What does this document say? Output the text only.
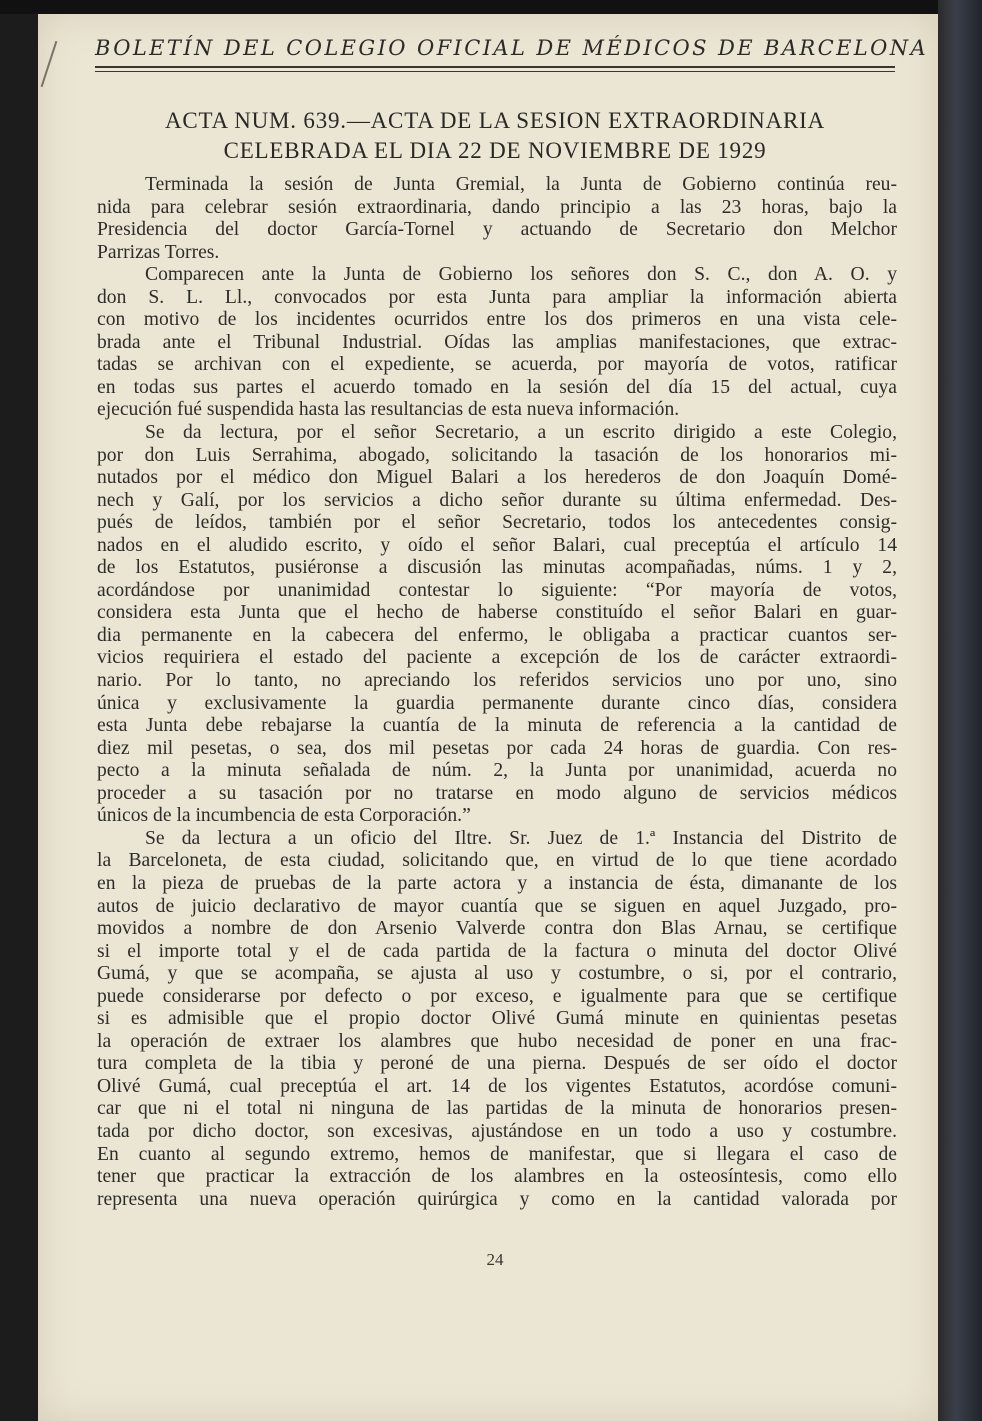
BOLETÍN DEL COLEGIO OFICIAL DE MÉDICOS DE BARCELONA
ACTA NUM. 639.—ACTA DE LA SESION EXTRAORDINARIA
CELEBRADA EL DIA 22 DE NOVIEMBRE DE 1929

Terminada la sesión de Junta Gremial, la Junta de Gobierno continúa reu-
nida para celebrar sesión extraordinaria, dando principio a las 23 horas, bajo la
Presidencia del doctor García-Tornel y actuando de Secretario don Melchor
Parrizas Torres.

Comparecen ante la Junta de Gobierno los señores don S. C., don A. O. y
don S. L. Ll., convocados por esta Junta para ampliar la información abierta
con motivo de los incidentes ocurridos entre los dos primeros en una vista cele-
brada ante el Tribunal Industrial. Oídas las amplias manifestaciones, que extrac-
tadas se archivan con el expediente, se acuerda, por mayoría de votos, ratificar
en todas sus partes el acuerdo tomado en la sesión del día 15 del actual, cuya
ejecución fué suspendida hasta las resultancias de esta nueva información.

Se da lectura, por el señor Secretario, a un escrito dirigido a este Colegio,
por don Luis Serrahima, abogado, solicitando la tasación de los honorarios mi-
nutados por el médico don Miguel Balari a los herederos de don Joaquín Domé-
nech y Galí, por los servicios a dicho señor durante su última enfermedad. Des-
pués de leídos, también por el señor Secretario, todos los antecedentes consig-
nados en el aludido escrito, y oído el señor Balari, cual preceptúa el artículo 14
de los Estatutos, pusiéronse a discusión las minutas acompañadas, núms. 1 y 2,
acordándose por unanimidad contestar lo siguiente: “Por mayoría de votos,
considera esta Junta que el hecho de haberse constituído el señor Balari en guar-
dia permanente en la cabecera del enfermo, le obligaba a practicar cuantos ser-
vicios requiriera el estado del paciente a excepción de los de carácter extraordi-
nario. Por lo tanto, no apreciando los referidos servicios uno por uno, sino
única y exclusivamente la guardia permanente durante cinco días, considera
esta Junta debe rebajarse la cuantía de la minuta de referencia a la cantidad de
diez mil pesetas, o sea, dos mil pesetas por cada 24 horas de guardia. Con res-
pecto a la minuta señalada de núm. 2, la Junta por unanimidad, acuerda no
proceder a su tasación por no tratarse en modo alguno de servicios médicos
únicos de la incumbencia de esta Corporación.”

Se da lectura a un oficio del Iltre. Sr. Juez de 1.ª Instancia del Distrito de
la Barceloneta, de esta ciudad, solicitando que, en virtud de lo que tiene acordado
en la pieza de pruebas de la parte actora y a instancia de ésta, dimanante de los
autos de juicio declarativo de mayor cuantía que se siguen en aquel Juzgado, pro-
movidos a nombre de don Arsenio Valverde contra don Blas Arnau, se certifique
si el importe total y el de cada partida de la factura o minuta del doctor Olivé
Gumá, y que se acompaña, se ajusta al uso y costumbre, o si, por el contrario,
puede considerarse por defecto o por exceso, e igualmente para que se certifique
si es admisible que el propio doctor Olivé Gumá minute en quinientas pesetas
la operación de extraer los alambres que hubo necesidad de poner en una frac-
tura completa de la tibia y peroné de una pierna. Después de ser oído el doctor
Olivé Gumá, cual preceptúa el art. 14 de los vigentes Estatutos, acordóse comuni-
car que ni el total ni ninguna de las partidas de la minuta de honorarios presen-
tada por dicho doctor, son excesivas, ajustándose en un todo a uso y costumbre.
En cuanto al segundo extremo, hemos de manifestar, que si llegara el caso de
tener que practicar la extracción de los alambres en la osteosíntesis, como ello
representa una nueva operación quirúrgica y como en la cantidad valorada por

24
